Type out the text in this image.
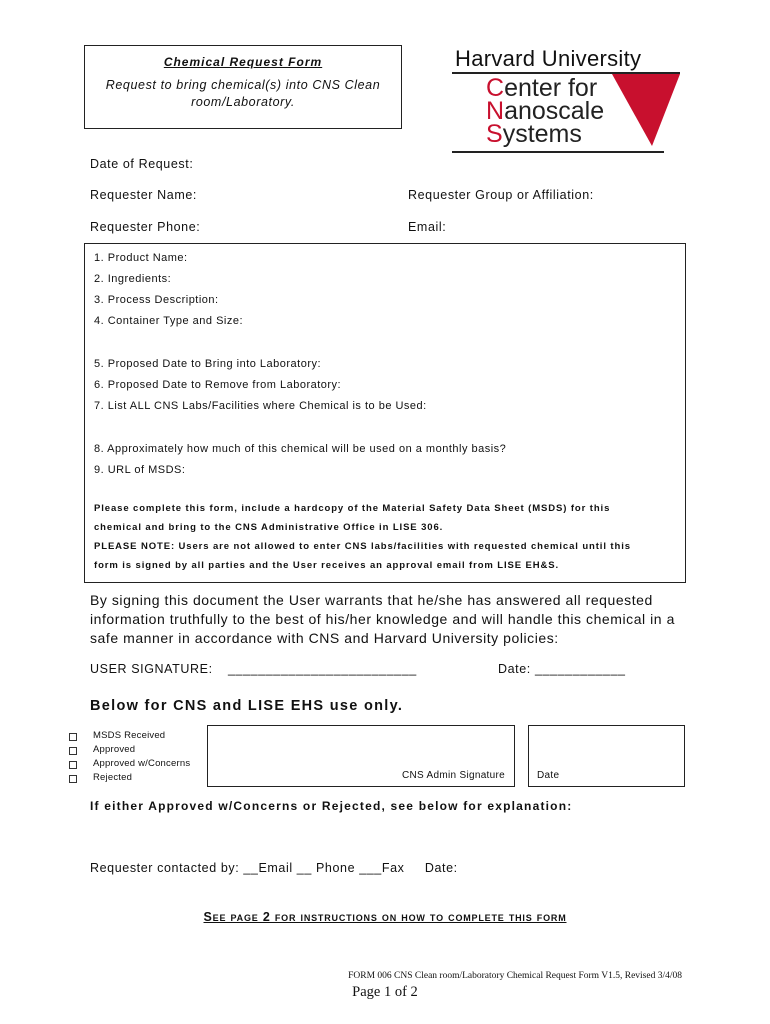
Chemical Request Form
Request to bring chemical(s) into CNS Clean room/Laboratory.
Harvard University
Center for
Nanoscale
Systems
Date of Request:
Requester Name:	Requester Group or Affiliation:
Requester Phone:	Email:
1. Product Name:
2. Ingredients:
3. Process Description:
4. Container Type and Size:
5. Proposed Date to Bring into Laboratory:
6. Proposed Date to Remove from Laboratory:
7. List ALL CNS Labs/Facilities where Chemical is to be Used:
8. Approximately how much of this chemical will be used on a monthly basis?
9. URL of MSDS:
Please complete this form, include a hardcopy of the Material Safety Data Sheet (MSDS) for this
chemical and bring to the CNS Administrative Office in LISE 306.
PLEASE NOTE: Users are not allowed to enter CNS labs/facilities with requested chemical until this
form is signed by all parties and the User receives an approval email from LISE EH&S.
By signing this document the User warrants that he/she has answered all requested information truthfully to the best of his/her knowledge and will handle this chemical in a safe manner in accordance with CNS and Harvard University policies:
USER SIGNATURE: _________________________	Date: ____________
Below for CNS and LISE EHS use only.
MSDS Received
Approved
Approved w/Concerns
Rejected	CNS Admin Signature	Date
If either Approved w/Concerns or Rejected, see below for explanation:
Requester contacted by: __Email __ Phone ___Fax     Date:
See page 2 for instructions on how to complete this form
FORM 006 CNS Clean room/Laboratory Chemical Request Form V1.5, Revised 3/4/08
Page 1 of 2
